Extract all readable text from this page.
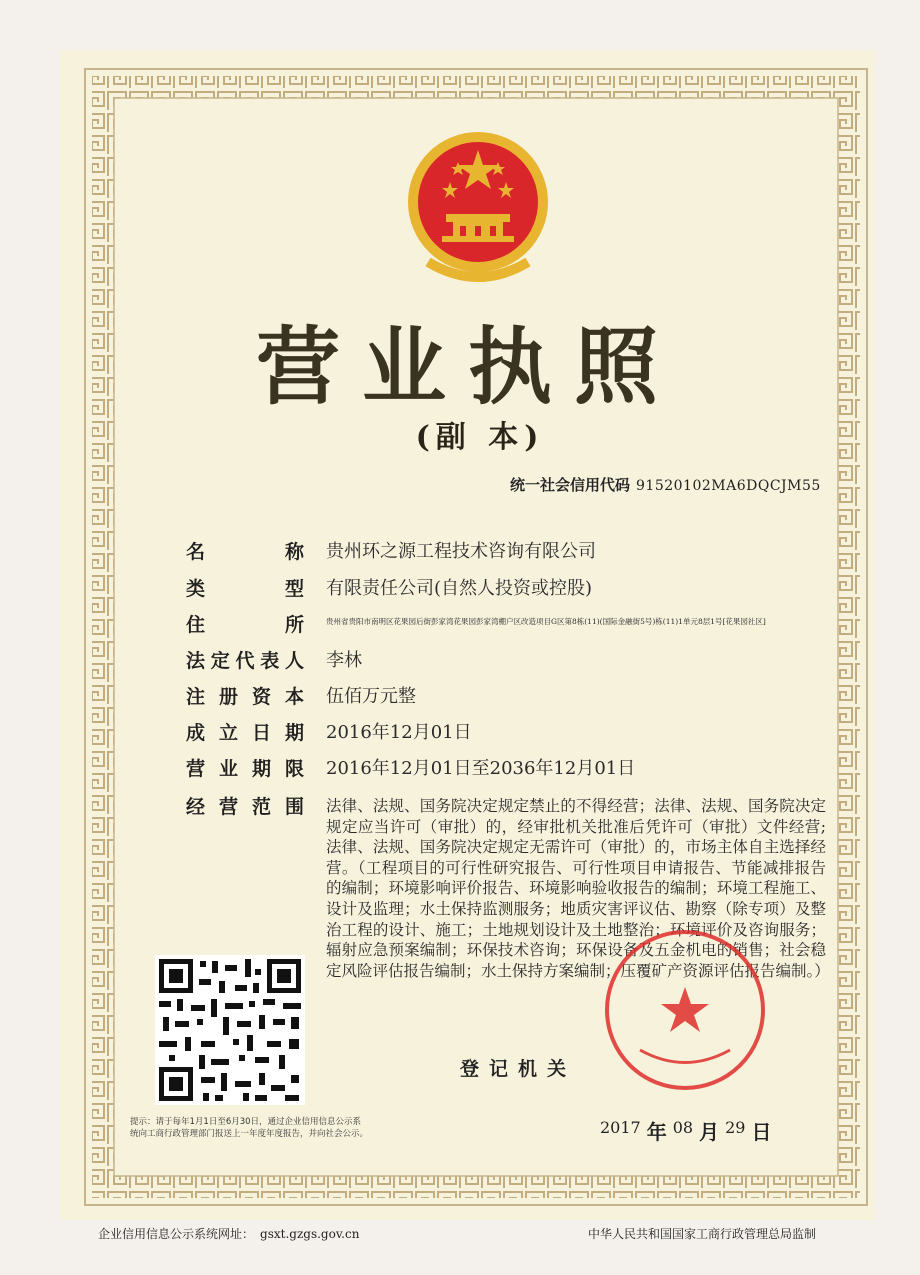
营业执照
(副 本)
统一社会信用代码 91520102MA6DQCJM55
名称 贵州环之源工程技术咨询有限公司
类型 有限责任公司(自然人投资或控股)
住所	贵州省贵阳市南明区花果园后街彭家湾花果园彭家湾棚户区改造项目G区第8栋(11)(国际金融街5号)栋(11)1单元8层1号[花果园社区]
法定代表人 李林
注册资本 伍佰万元整
成立日期 2016年12月01日
营业期限 2016年12月01日至2036年12月01日
经营范围 法律、法规、国务院决定规定禁止的不得经营；法律、法规、国务院决定规定应当许可（审批）的，经审批机关批准后凭许可（审批）文件经营;法律、法规、国务院决定规定无需许可（审批）的，市场主体自主选择经营。（工程项目的可行性研究报告、可行性项目申请报告、节能减排报告的编制；环境影响评价报告、环境影响验收报告的编制；环境工程施工、设计及监理；水土保持监测服务；地质灾害评议估、勘察（除专项）及整治工程的设计、施工；土地规划设计及土地整治；环境评价及咨询服务；辐射应急预案编制；环保技术咨询；环保设备及五金机电的销售；社会稳定风险评估报告编制；水土保持方案编制；压覆矿产资源评估报告编制。）
登记机关
提示：请于每年1月1日至6月30日，通过企业信用信息公示系
统向工商行政管理部门报送上一年度年度报告，并向社会公示。	2017 年 08 月 29 日
企业信用信息公示系统网址： gsxt.gzgs.gov.cn	中华人民共和国国家工商行政管理总局监制
